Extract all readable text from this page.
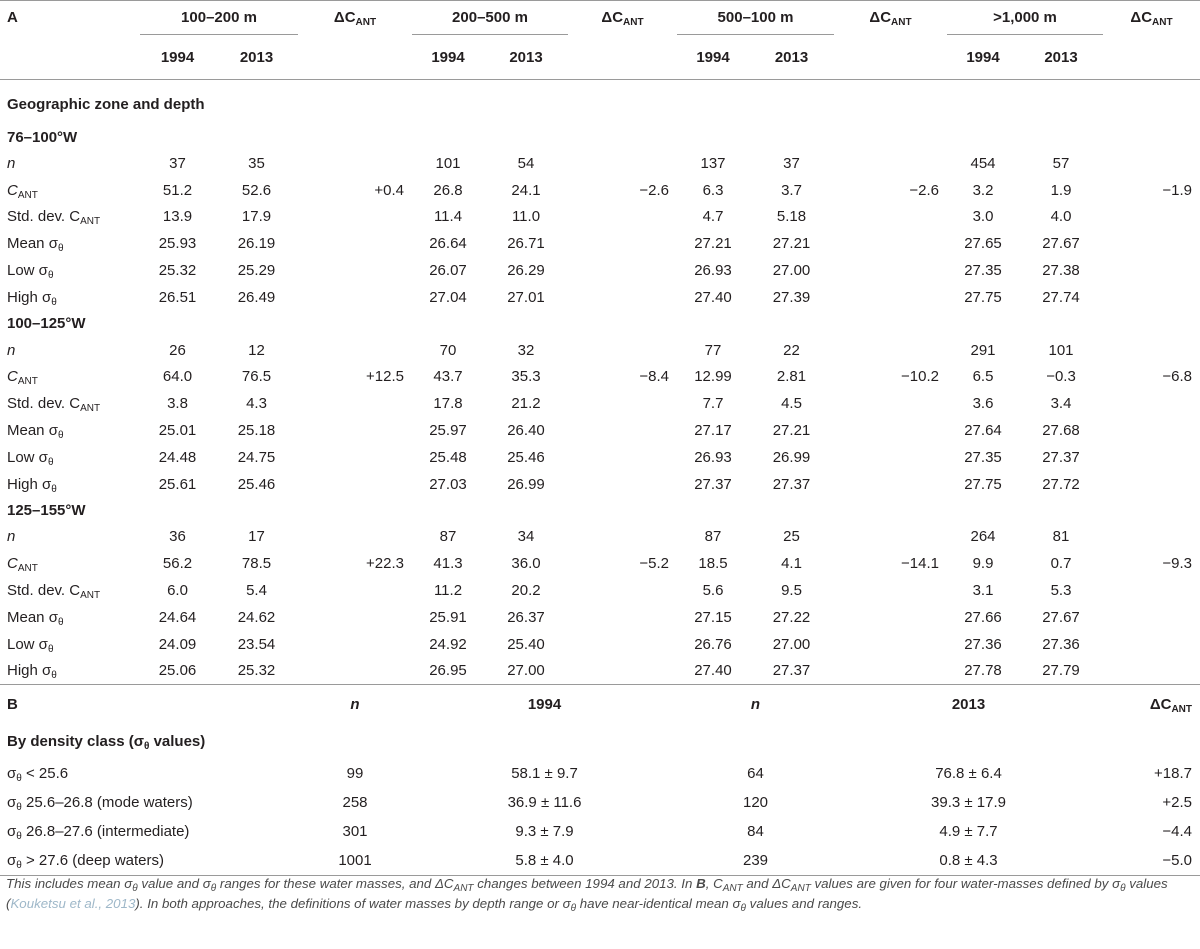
A	100–200 m		$\Delta C_{ANT}$	200–500 m		$\Delta C_{ANT}$	500–100 m		$\Delta C_{ANT}$	>1,000 m		$\Delta C_{ANT}$
	1994	2013		1994	2013		1994	2013		1994	2013	
Geographic zone and depth												
76–100°W												
n	37	35		101	54		137	37		454	57	
$C_{ANT}$	51.2	52.6	+0.4	26.8	24.1	−2.6	6.3	3.7	−2.6	3.2	1.9	−1.9
Std. dev. $C_{ANT}$	13.9	17.9		11.4	11.0		4.7	5.18		3.0	4.0	
Mean $\sigma_\theta$	25.93	26.19		26.64	26.71		27.21	27.21		27.65	27.67	
Low $\sigma_\theta$	25.32	25.29		26.07	26.29		26.93	27.00		27.35	27.38	
High $\sigma_\theta$	26.51	26.49		27.04	27.01		27.40	27.39		27.75	27.74	
100–125°W												
n	26	12		70	32		77	22		291	101	
$C_{ANT}$	64.0	76.5	+12.5	43.7	35.3	−8.4	12.99	2.81	−10.2	6.5	−0.3	−6.8
Std. dev. $C_{ANT}$	3.8	4.3		17.8	21.2		7.7	4.5		3.6	3.4	
Mean $\sigma_\theta$	25.01	25.18		25.97	26.40		27.17	27.21		27.64	27.68	
Low $\sigma_\theta$	24.48	24.75		25.48	25.46		26.93	26.99		27.35	27.37	
High $\sigma_\theta$	25.61	25.46		27.03	26.99		27.37	27.37		27.75	27.72	
125–155°W												
n	36	17		87	34		87	25		264	81	
$C_{ANT}$	56.2	78.5	+22.3	41.3	36.0	−5.2	18.5	4.1	−14.1	9.9	0.7	−9.3
Std. dev. $C_{ANT}$	6.0	5.4		11.2	20.2		5.6	9.5		3.1	5.3	
Mean $\sigma_\theta$	24.64	24.62		25.91	26.37		27.15	27.22		27.66	27.67	
Low $\sigma_\theta$	24.09	23.54		24.92	25.40		26.76	27.00		27.36	27.36	
High $\sigma_\theta$	25.06	25.32		26.95	27.00		27.40	27.37		27.78	27.79	
B			n	1994			n		2013			$\Delta C_{ANT}$
By density class ($\sigma_\theta$ values)												
$\sigma_\theta < 25.6$			99	58.1 ± 9.7			64		76.8 ± 6.4			+18.7
$\sigma_\theta$ 25.6–26.8 (mode waters)			258	36.9 ± 11.6			120		39.3 ± 17.9			+2.5
$\sigma_\theta$ 26.8–27.6 (intermediate)			301	9.3 ± 7.9			84		4.9 ± 7.7			−4.4
$\sigma_\theta > 27.6$ (deep waters)			1001	5.8 ± 4.0			239		0.8 ± 4.3			−5.0
This includes mean $\sigma_\theta$ value and $\sigma_\theta$ ranges for these water masses, and $\Delta C_{ANT}$ changes between 1994 and 2013. In B, $C_{ANT}$ and $\Delta C_{ANT}$ values are given for four water-masses defined by $\sigma_\theta$ values (Kouketsu et al., 2013). In both approaches, the definitions of water masses by depth range or $\sigma_\theta$ have near-identical mean $\sigma_\theta$ values and ranges.
